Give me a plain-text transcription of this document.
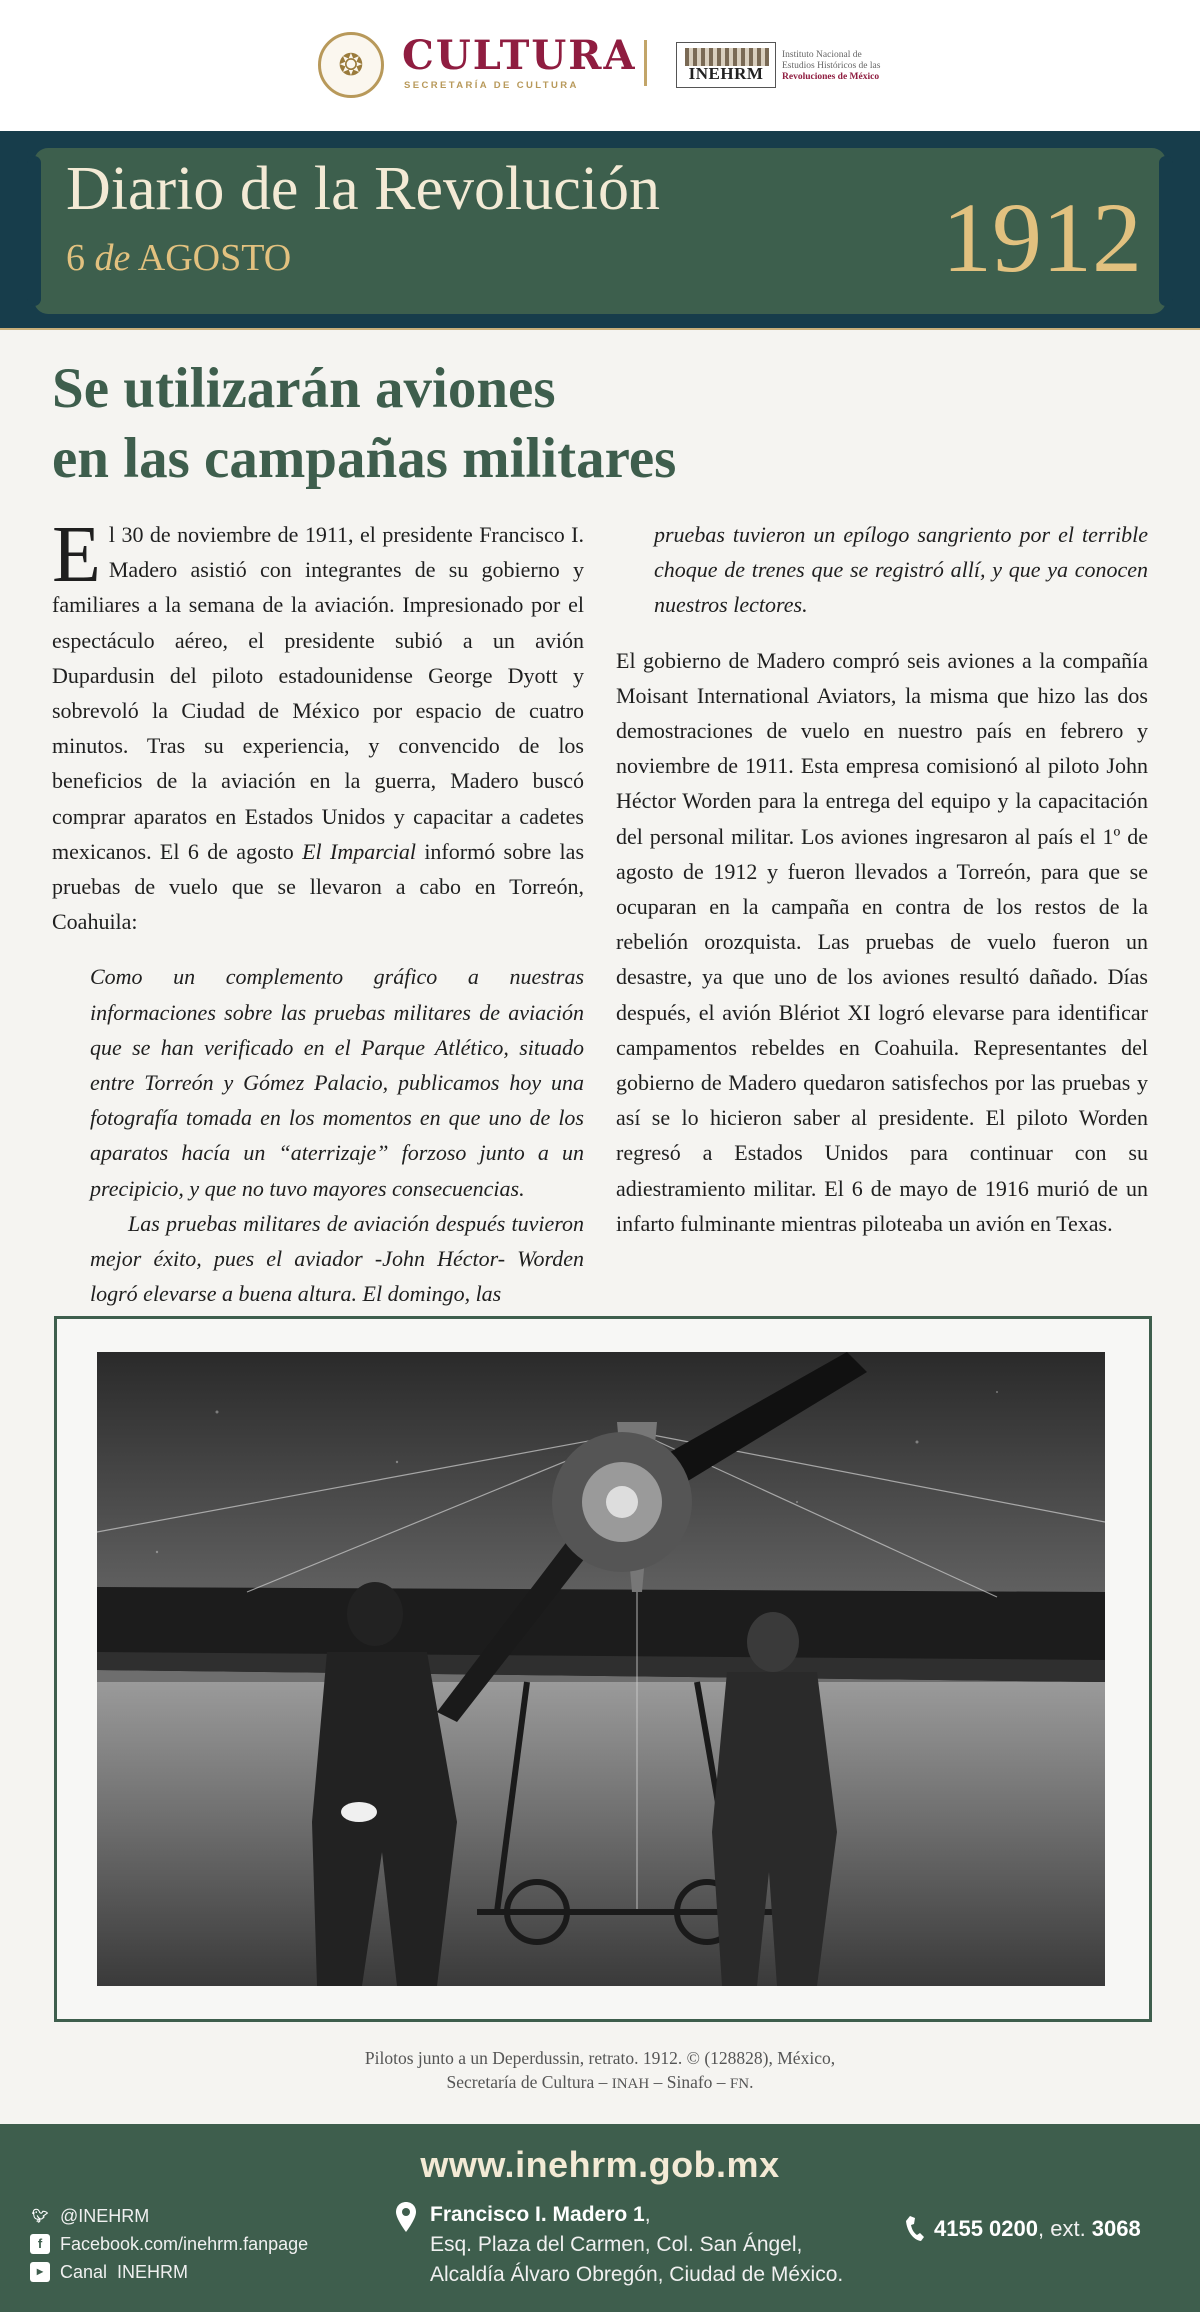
❂ CULTURA
SECRETARÍA DE CULTURA
INEHRM
Instituto Nacional de
Estudios Históricos de las
Revoluciones de México
Diario de la Revolución
6 de AGOSTO	1912
Se utilizarán aviones
en las campañas militares

El 30 de noviembre de 1911, el presidente Francisco I. Madero asistió con integrantes de su gobierno y familiares a la semana de la aviación. Impresionado por el espectáculo aéreo, el presidente subió a un avión Dupardusin del piloto estadounidense George Dyott y sobrevoló la Ciudad de México por espacio de cuatro minutos. Tras su experiencia, y convencido de los beneficios de la aviación en la guerra, Madero buscó comprar aparatos en Estados Unidos y capacitar a cadetes mexicanos. El 6 de agosto El Imparcial informó sobre las pruebas de vuelo que se llevaron a cabo en Torreón, Coahuila:

Como un complemento gráfico a nuestras informaciones sobre las pruebas militares de aviación que se han verificado en el Parque Atlético, situado entre Torreón y Gómez Palacio, publicamos hoy una fotografía tomada en los momentos en que uno de los aparatos hacía un “aterrizaje” forzoso junto a un precipicio, y que no tuvo mayores consecuencias.

Las pruebas militares de aviación después tuvieron mejor éxito, pues el aviador -John Héctor- Worden logró elevarse a buena altura. El domingo, las

pruebas tuvieron un epílogo sangriento por el terrible choque de trenes que se registró allí, y que ya conocen nuestros lectores.

El gobierno de Madero compró seis aviones a la compañía Moisant International Aviators, la misma que hizo las dos demostraciones de vuelo en nuestro país en febrero y noviembre de 1911. Esta empresa comisionó al piloto John Héctor Worden para la entrega del equipo y la capacitación del personal militar. Los aviones ingresaron al país el 1º de agosto de 1912 y fueron llevados a Torreón, para que se ocuparan en la campaña en contra de los restos de la rebelión orozquista. Las pruebas de vuelo fueron un desastre, ya que uno de los aviones resultó dañado. Días después, el avión Blériot XI logró elevarse para identificar campamentos rebeldes en Coahuila. Representantes del gobierno de Madero quedaron satisfechos por las pruebas y así se lo hicieron saber al presidente. El piloto Worden regresó a Estados Unidos para continuar con su adiestramiento militar. El 6 de mayo de 1916 murió de un infarto fulminante mientras piloteaba un avión en Texas.

Pilotos junto a un Deperdussin, retrato. 1912. © (128828), México,
Secretaría de Cultura – INAH – Sinafo – FN.
www.inehrm.gob.mx
🐦︎ @INEHRM
f Facebook.com/inehrm.fanpage
▶ Canal INEHRM
Francisco I. Madero 1,
Esq. Plaza del Carmen, Col. San Ángel,
Alcaldía Álvaro Obregón, Ciudad de México.
4155 0200, ext. 3068
